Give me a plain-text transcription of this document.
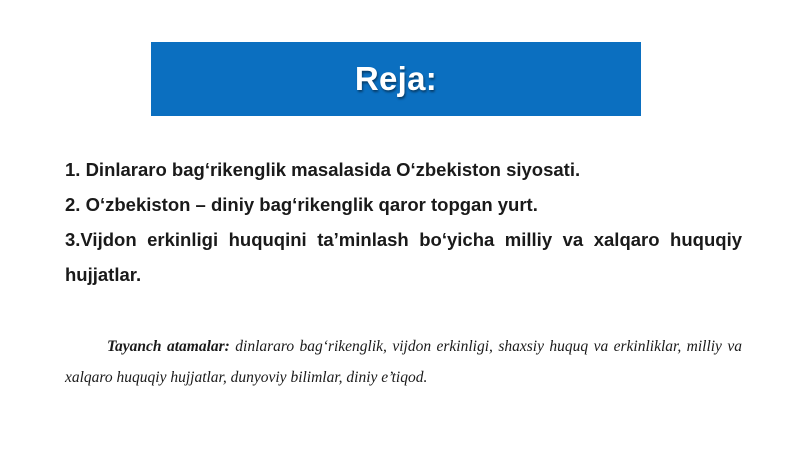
Reja:

1. Dinlararo bag‘rikenglik masalasida O‘zbekiston siyosati.

2. O‘zbekiston – diniy bag‘rikenglik qaror topgan yurt.

3.Vijdon erkinligi huquqini ta’minlash bo‘yicha milliy va xalqaro huquqiy hujjatlar.

Tayanch atamalar: dinlararo bag‘rikenglik, vijdon erkinligi, shaxsiy huquq va erkinliklar, milliy va xalqaro huquqiy hujjatlar, dunyoviy bilimlar, diniy e’tiqod.
